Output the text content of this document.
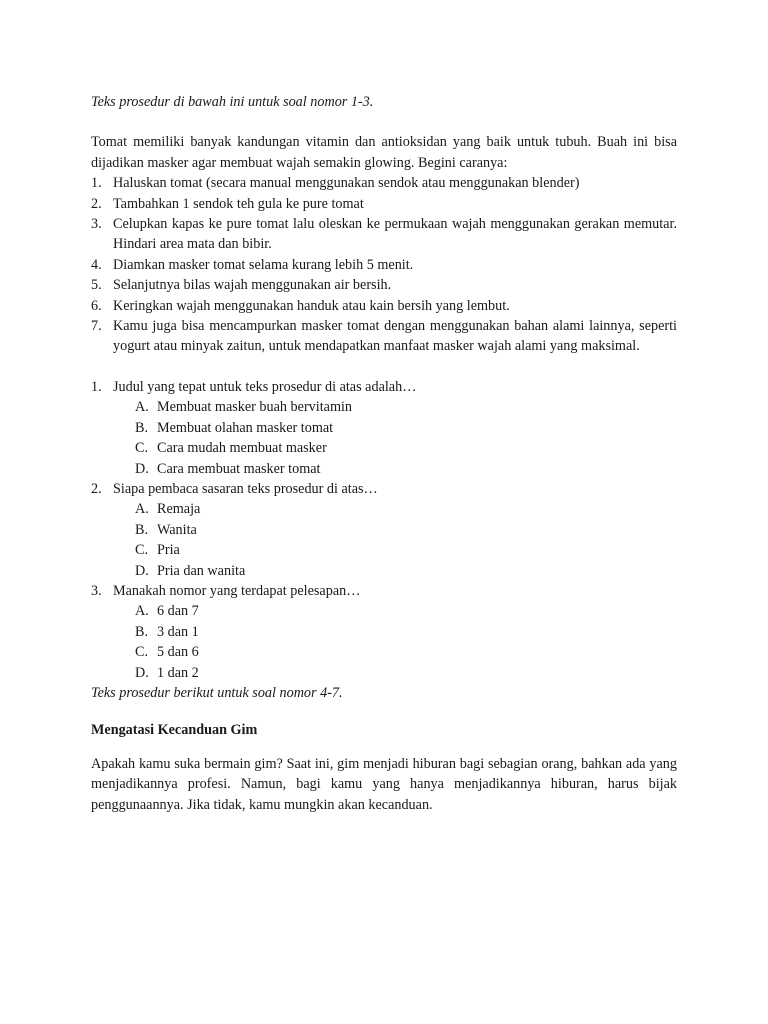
Teks prosedur di bawah ini untuk soal nomor 1-3.

Tomat memiliki banyak kandungan vitamin dan antioksidan yang baik untuk tubuh. Buah ini bisa dijadikan masker agar membuat wajah semakin glowing. Begini caranya:

1. Haluskan tomat (secara manual menggunakan sendok atau menggunakan blender)
2. Tambahkan 1 sendok teh gula ke pure tomat
3. Celupkan kapas ke pure tomat lalu oleskan ke permukaan wajah menggunakan gerakan memutar. Hindari area mata dan bibir.
4. Diamkan masker tomat selama kurang lebih 5 menit.
5. Selanjutnya bilas wajah menggunakan air bersih.
6. Keringkan wajah menggunakan handuk atau kain bersih yang lembut.
7. Kamu juga bisa mencampurkan masker tomat dengan menggunakan bahan alami lainnya, seperti yogurt atau minyak zaitun, untuk mendapatkan manfaat masker wajah alami yang maksimal.
1. Judul yang tepat untuk teks prosedur di atas adalah…
A. Membuat masker buah bervitamin
B. Membuat olahan masker tomat
C. Cara mudah membuat masker
D. Cara membuat masker tomat
2. Siapa pembaca sasaran teks prosedur di atas…
A. Remaja
B. Wanita
C. Pria
D. Pria dan wanita
3. Manakah nomor yang terdapat pelesapan…
A. 6 dan 7
B. 3 dan 1
C. 5 dan 6
D. 1 dan 2

Teks prosedur berikut untuk soal nomor 4-7.

Mengatasi Kecanduan Gim

Apakah kamu suka bermain gim? Saat ini, gim menjadi hiburan bagi sebagian orang, bahkan ada yang menjadikannya profesi. Namun, bagi kamu yang hanya menjadikannya hiburan, harus bijak penggunaannya. Jika tidak, kamu mungkin akan kecanduan.
